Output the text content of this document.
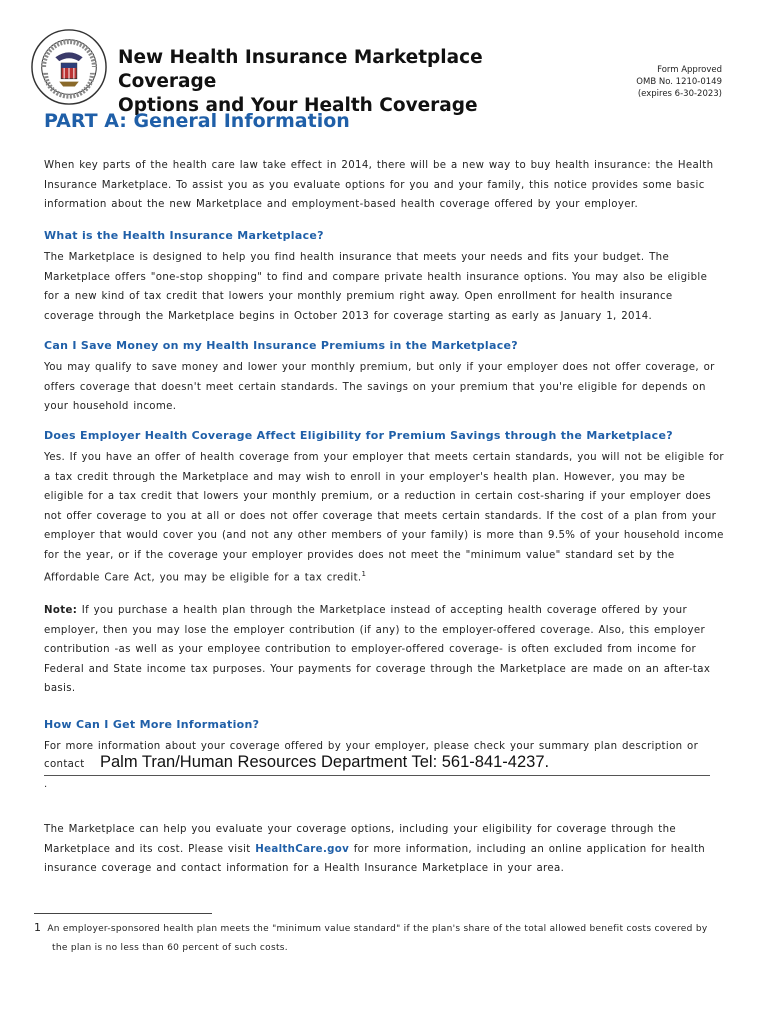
New Health Insurance Marketplace Coverage
Options and Your Health Coverage
Form Approved
OMB No. 1210-0149
(expires 6-30-2023)
PART A: General Information

When key parts of the health care law take effect in 2014, there will be a new way to buy health insurance: the Health Insurance Marketplace. To assist you as you evaluate options for you and your family, this notice provides some basic information about the new Marketplace and employment-based health coverage offered by your employer.

What is the Health Insurance Marketplace?

The Marketplace is designed to help you find health insurance that meets your needs and fits your budget. The Marketplace offers "one-stop shopping" to find and compare private health insurance options. You may also be eligible for a new kind of tax credit that lowers your monthly premium right away. Open enrollment for health insurance coverage through the Marketplace begins in October 2013 for coverage starting as early as January 1, 2014.

Can I Save Money on my Health Insurance Premiums in the Marketplace?

You may qualify to save money and lower your monthly premium, but only if your employer does not offer coverage, or offers coverage that doesn't meet certain standards. The savings on your premium that you're eligible for depends on your household income.

Does Employer Health Coverage Affect Eligibility for Premium Savings through the Marketplace?

Yes. If you have an offer of health coverage from your employer that meets certain standards, you will not be eligible for a tax credit through the Marketplace and may wish to enroll in your employer's health plan. However, you may be eligible for a tax credit that lowers your monthly premium, or a reduction in certain cost-sharing if your employer does not offer coverage to you at all or does not offer coverage that meets certain standards. If the cost of a plan from your employer that would cover you (and not any other members of your family) is more than 9.5% of your household income for the year, or if the coverage your employer provides does not meet the "minimum value" standard set by the Affordable Care Act, you may be eligible for a tax credit.$^1$

Note: If you purchase a health plan through the Marketplace instead of accepting health coverage offered by your employer, then you may lose the employer contribution (if any) to the employer-offered coverage. Also, this employer contribution -as well as your employee contribution to employer-offered coverage- is often excluded from income for Federal and State income tax purposes. Your payments for coverage through the Marketplace are made on an after-tax basis.

How Can I Get More Information?

For more information about your coverage offered by your employer, please check your summary plan description or

contact Palm Tran/Human Resources Department Tel: 561-841-4237.
.

The Marketplace can help you evaluate your coverage options, including your eligibility for coverage through the Marketplace and its cost. Please visit HealthCare.gov for more information, including an online application for health insurance coverage and contact information for a Health Insurance Marketplace in your area.

1 An employer-sponsored health plan meets the "minimum value standard" if the plan's share of the total allowed benefit costs covered by
the plan is no less than 60 percent of such costs.
